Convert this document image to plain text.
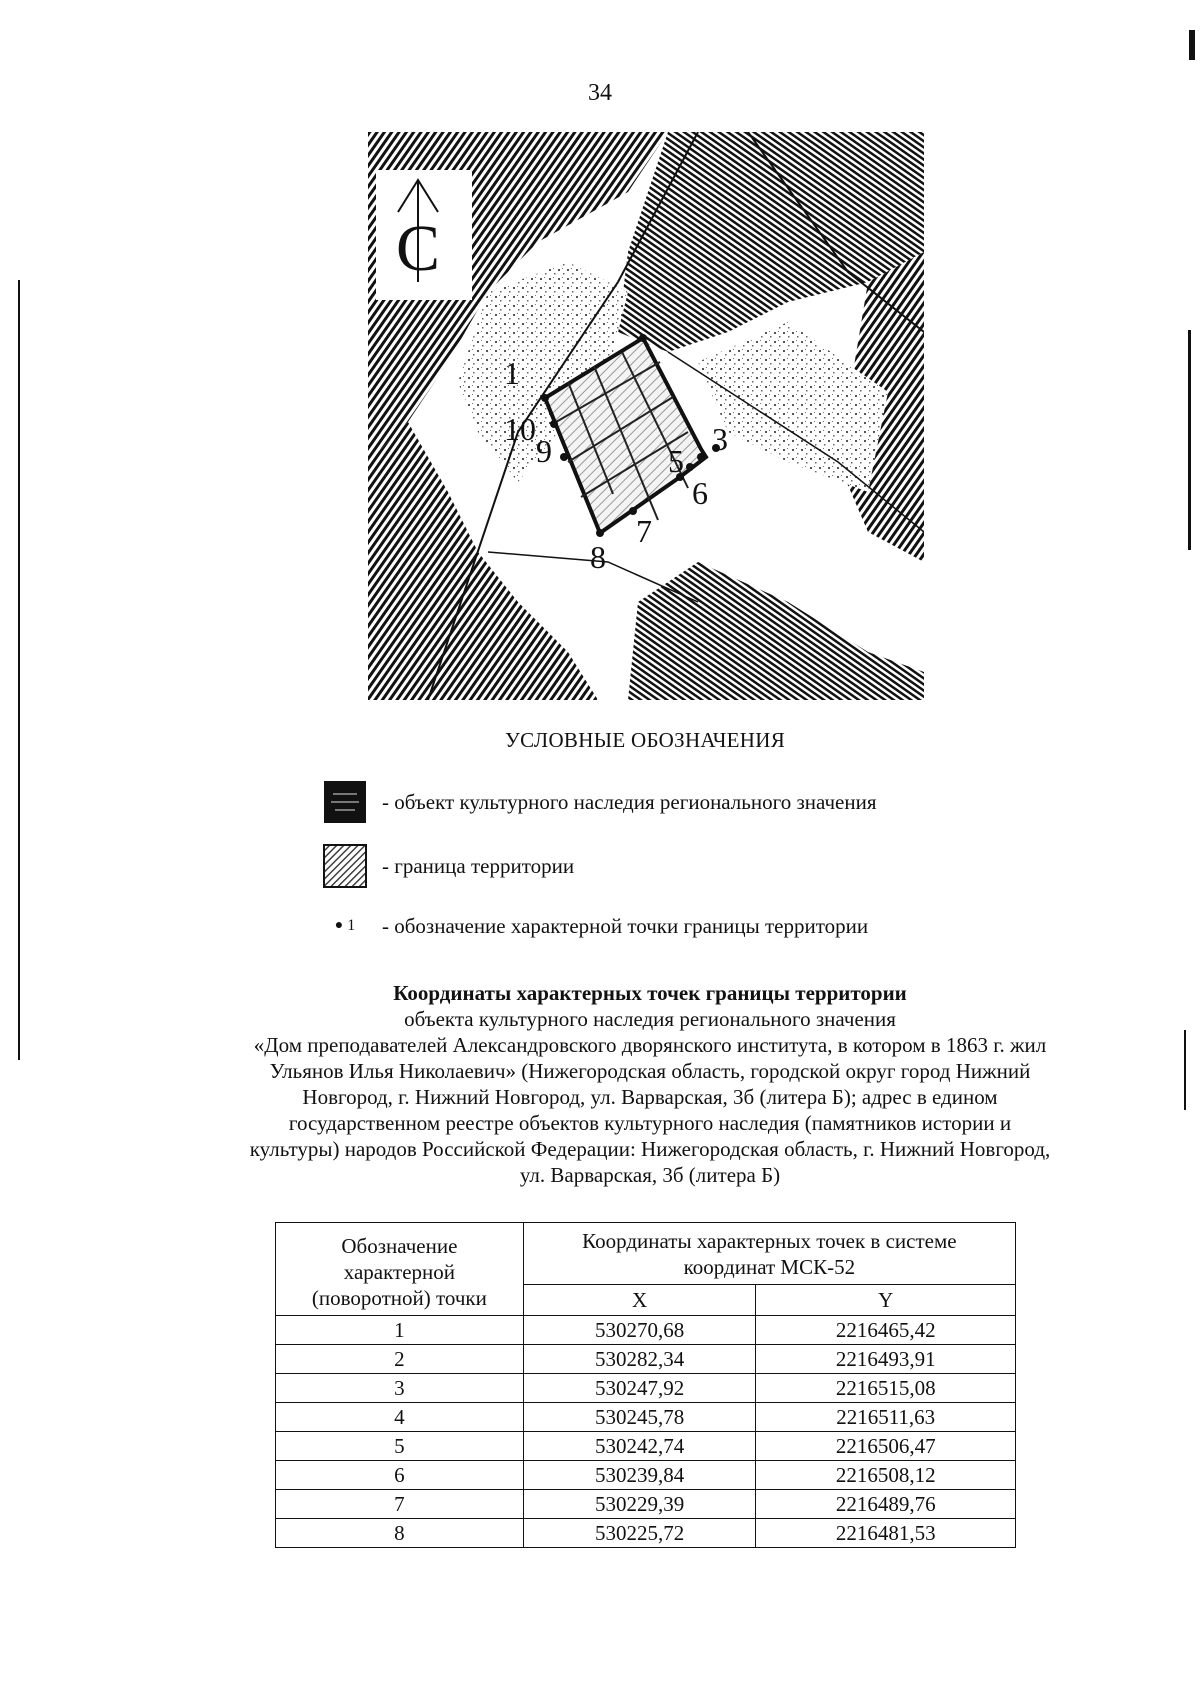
34
С
1
3
5
6
7
8
9
10
УСЛОВНЫЕ ОБОЗНАЧЕНИЯ
- объект культурного наследия регионального значения
- граница территории
● 1 - обозначение характерной точки границы территории
Координаты характерных точек границы территории
объекта культурного наследия регионального значения
«Дом преподавателей Александровского дворянского института, в котором в 1863 г. жил
Ульянов Илья Николаевич» (Нижегородская область, городской округ город Нижний
Новгород, г. Нижний Новгород, ул. Варварская, 3б (литера Б); адрес в едином
государственном реестре объектов культурного наследия (памятников истории и
культуры) народов Российской Федерации: Нижегородская область, г. Нижний Новгород,
ул. Варварская, 3б (литера Б)
Обозначение характерной (поворотной) точки	Координаты характерных точек в системе координат МСК-52	
	X	Y
1	530270,68	2216465,42
2	530282,34	2216493,91
3	530247,92	2216515,08
4	530245,78	2216511,63
5	530242,74	2216506,47
6	530239,84	2216508,12
7	530229,39	2216489,76
8	530225,72	2216481,53
